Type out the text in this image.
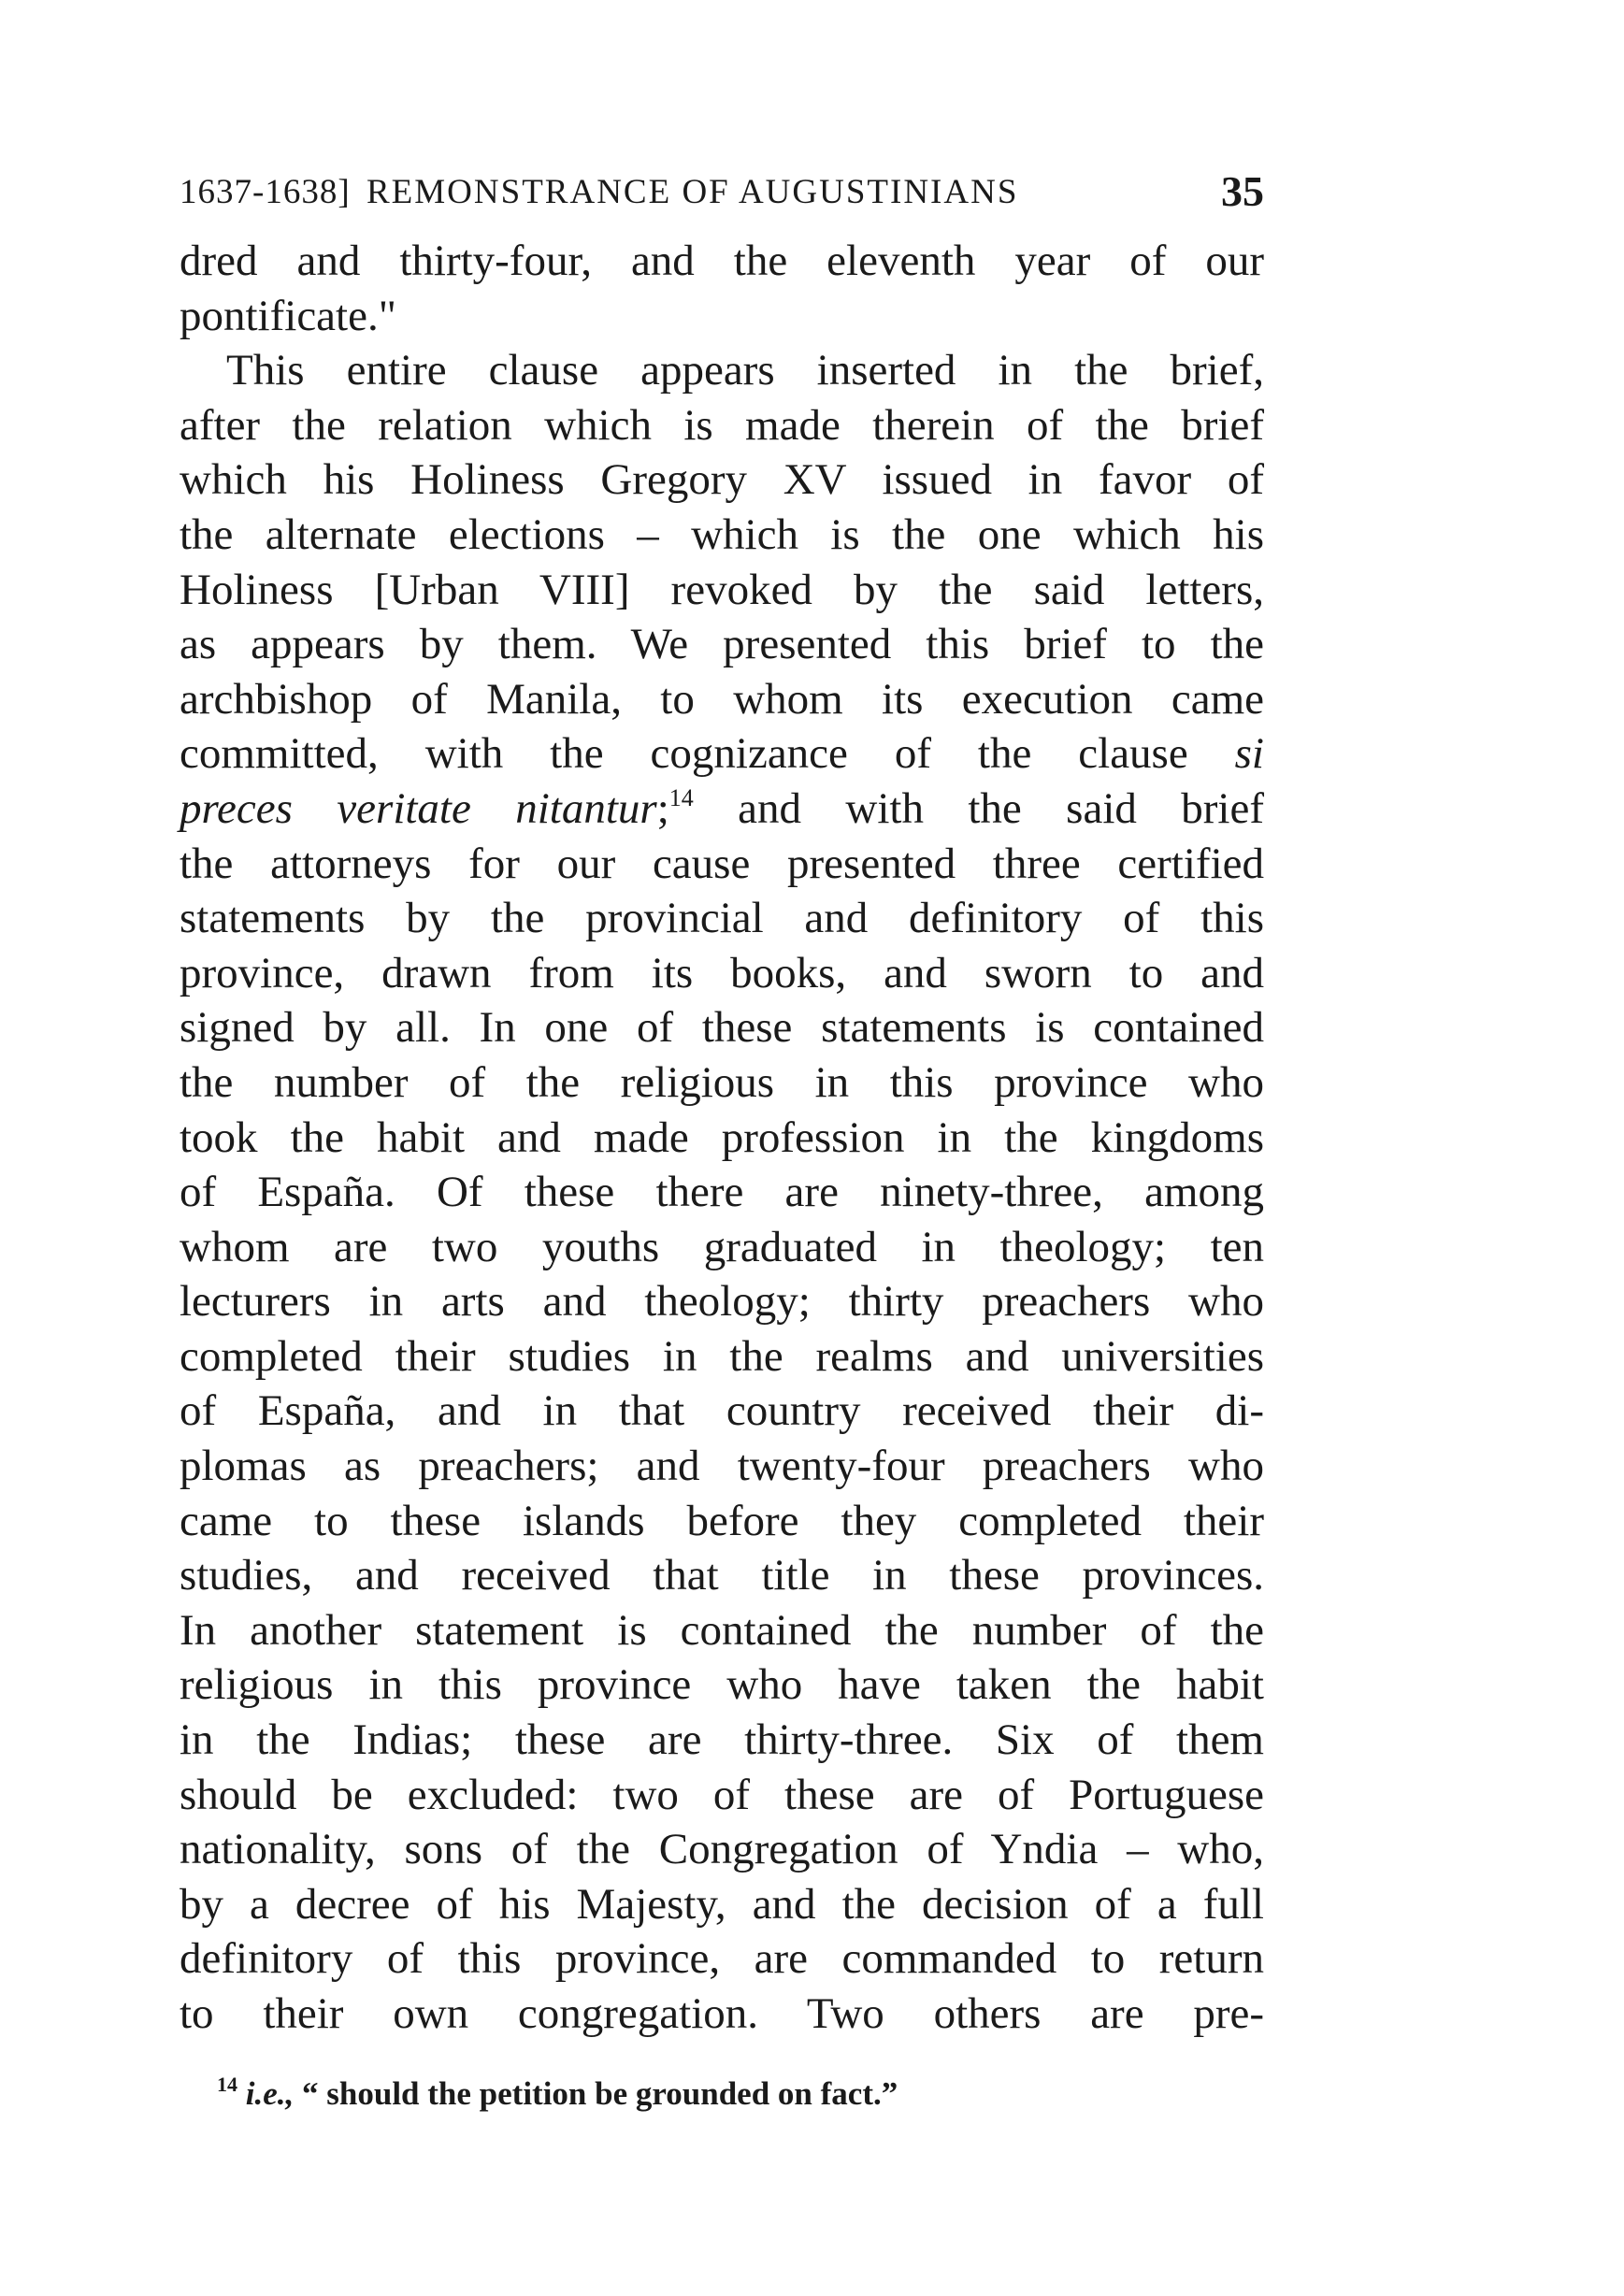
1637-1638] REMONSTRANCE OF AUGUSTINIANS	35
dred and thirty-four, and the eleventh year of our
pontificate."
This entire clause appears inserted in the brief,
after the relation which is made therein of the brief
which his Holiness Gregory XV issued in favor of
the alternate elections – which is the one which his
Holiness [Urban VIII] revoked by the said letters,
as appears by them. We presented this brief to the
archbishop of Manila, to whom its execution came
committed, with the cognizance of the clause si
preces veritate nitantur;$^{14}$ and with the said brief
the attorneys for our cause presented three certified
statements by the provincial and definitory of this
province, drawn from its books, and sworn to and
signed by all. In one of these statements is contained
the number of the religious in this province who
took the habit and made profession in the kingdoms
of España. Of these there are ninety-three, among
whom are two youths graduated in theology; ten
lecturers in arts and theology; thirty preachers who
completed their studies in the realms and universities
of España, and in that country received their di-
plomas as preachers; and twenty-four preachers who
came to these islands before they completed their
studies, and received that title in these provinces.
In another statement is contained the number of the
religious in this province who have taken the habit
in the Indias; these are thirty-three. Six of them
should be excluded: two of these are of Portuguese
nationality, sons of the Congregation of Yndia – who,
by a decree of his Majesty, and the decision of a full
definitory of this province, are commanded to return
to their own congregation. Two others are pre-
$^{14}$ i.e., “ should the petition be grounded on fact.”
